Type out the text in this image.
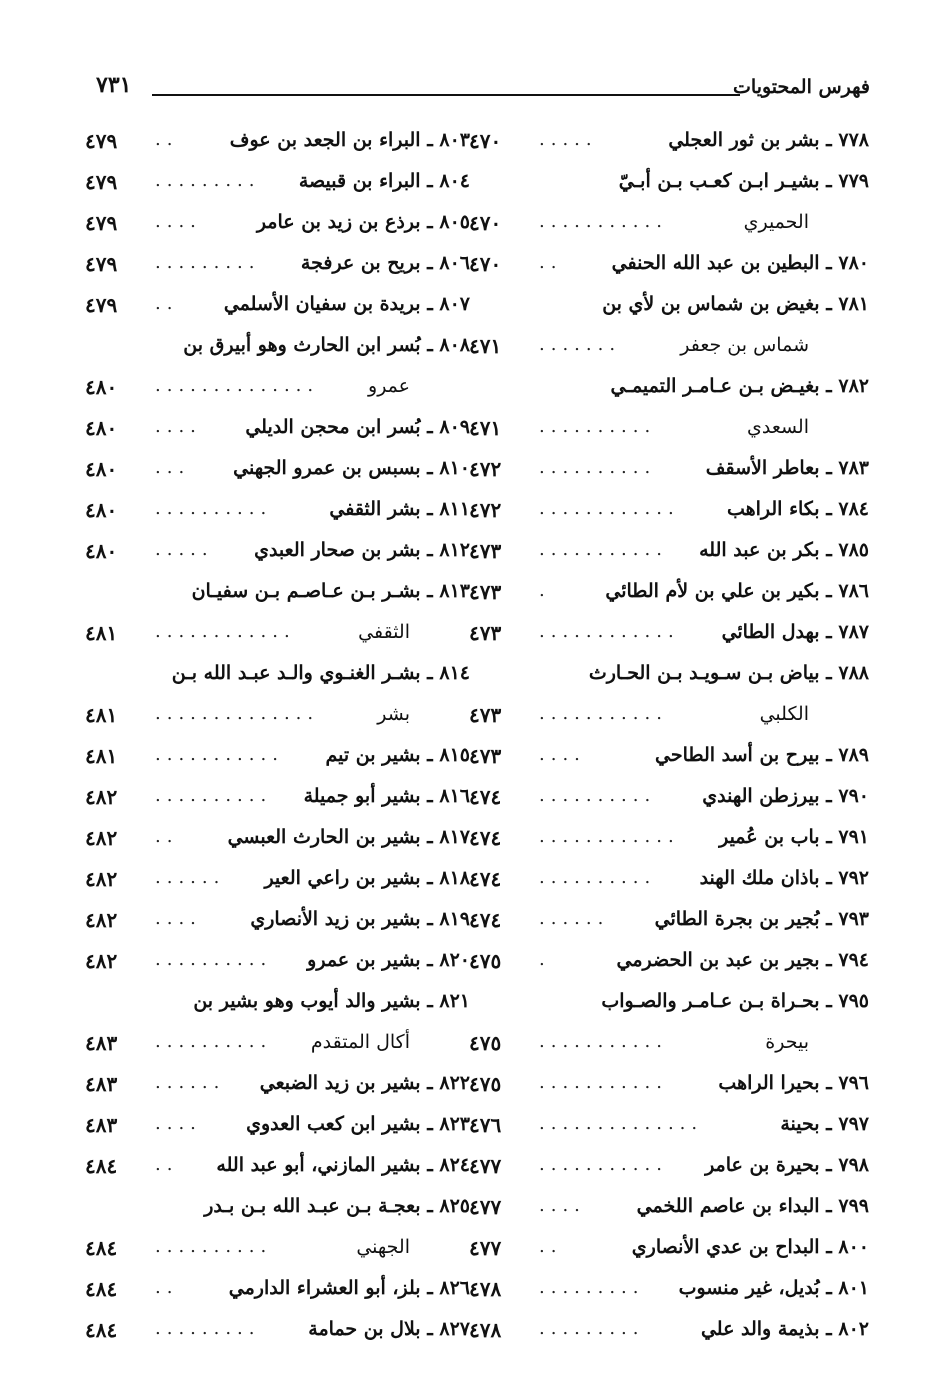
فهرس المحتويات
٧٣١
٧٧٨ ـ بشر بن ثور العجلي
.....
٤٧٠
٧٧٩ ـ بشيـر ابـن كعـب بـن أبـيّ
الحميري
...........
٤٧٠
٧٨٠ ـ البطين بن عبد الله الحنفي
..
٤٧٠
٧٨١ ـ بغيض بن شماس بن لأي بن
شماس بن جعفر
.......
٤٧١
٧٨٢ ـ بغيـض بـن عـامـر التميمـي
السعدي
..........
٤٧١
٧٨٣ ـ بعاطر الأسقف
..........
٤٧٢
٧٨٤ ـ بكاء الراهب
............
٤٧٢
٧٨٥ ـ بكر بن عبد الله
...........
٤٧٣
٧٨٦ ـ بكير بن علي بن لأم الطائي
.
٤٧٣
٧٨٧ ـ بهدل الطائي
............
٤٧٣
٧٨٨ ـ بياض بـن سـويـد بـن الحـارث
الكلبي
...........
٤٧٣
٧٨٩ ـ بيرح بن أسد الطاحي
....
٤٧٣
٧٩٠ ـ بيرزطن الهندي
..........
٤٧٤
٧٩١ ـ باب بن عُمير
............
٤٧٤
٧٩٢ ـ باذان ملك الهند
..........
٤٧٤
٧٩٣ ـ بُجير بن بجرة الطائي
......
٤٧٤
٧٩٤ ـ بجير بن عبد بن الحضرمي
.
٤٧٥
٧٩٥ ـ بحـراة بـن عـامـر والصـواب
بيحرة
...........
٤٧٥
٧٩٦ ـ بحيرا الراهب
...........
٤٧٥
٧٩٧ ـ بحينة
..............
٤٧٦
٧٩٨ ـ بحيرة بن عامر
...........
٤٧٧
٧٩٩ ـ البداء بن عاصم اللخمي
....
٤٧٧
٨٠٠ ـ البداح بن عدي الأنصاري
..
٤٧٧
٨٠١ ـ بُديل، غير منسوب
.........
٤٧٨
٨٠٢ ـ بذيمة والد علي
.........
٤٧٨
٨٠٣ ـ البراء بن الجعد بن عوف
..
٤٧٩
٨٠٤ ـ البراء بن قبيصة
.........
٤٧٩
٨٠٥ ـ برذع بن زيد بن عامر
....
٤٧٩
٨٠٦ ـ بريح بن عرفجة
.........
٤٧٩
٨٠٧ ـ بريدة بن سفيان الأسلمي
..
٤٧٩
٨٠٨ ـ بُسر ابن الحارث وهو أبيرق بن
عمرو
..............
٤٨٠
٨٠٩ ـ بُسر ابن محجن الديلي
....
٤٨٠
٨١٠ ـ بسبس بن عمرو الجهني
...
٤٨٠
٨١١ ـ بشر الثقفي
..........
٤٨٠
٨١٢ ـ بشر بن صحار العبدي
.....
٤٨٠
٨١٣ ـ بشـر بـن عـاصـم بـن سفيـان
الثقفي
............
٤٨١
٨١٤ ـ بشـر الغنـوي والـد عبـد الله بـن
بشر
..............
٤٨١
٨١٥ ـ بشير بن تيم
...........
٤٨١
٨١٦ ـ بشير أبو جميلة
..........
٤٨٢
٨١٧ ـ بشير بن الحارث العبسي
..
٤٨٢
٨١٨ ـ بشير بن راعي العير
......
٤٨٢
٨١٩ ـ بشير بن زيد الأنصاري
....
٤٨٢
٨٢٠ ـ بشير بن عمرو
..........
٤٨٢
٨٢١ ـ بشير والد أيوب وهو بشير بن
أكال المتقدم
..........
٤٨٣
٨٢٢ ـ بشير بن زيد الضبعي
......
٤٨٣
٨٢٣ ـ بشير ابن كعب العدوي
....
٤٨٣
٨٢٤ ـ بشير المازني، أبو عبد الله
..
٤٨٤
٨٢٥ ـ بعجـة بـن عبـد الله بـن بـدر
الجهني
..........
٤٨٤
٨٢٦ ـ بلز، أبو العشراء الدارمي
..
٤٨٤
٨٢٧ ـ بلال بن حمامة
.........
٤٨٤
